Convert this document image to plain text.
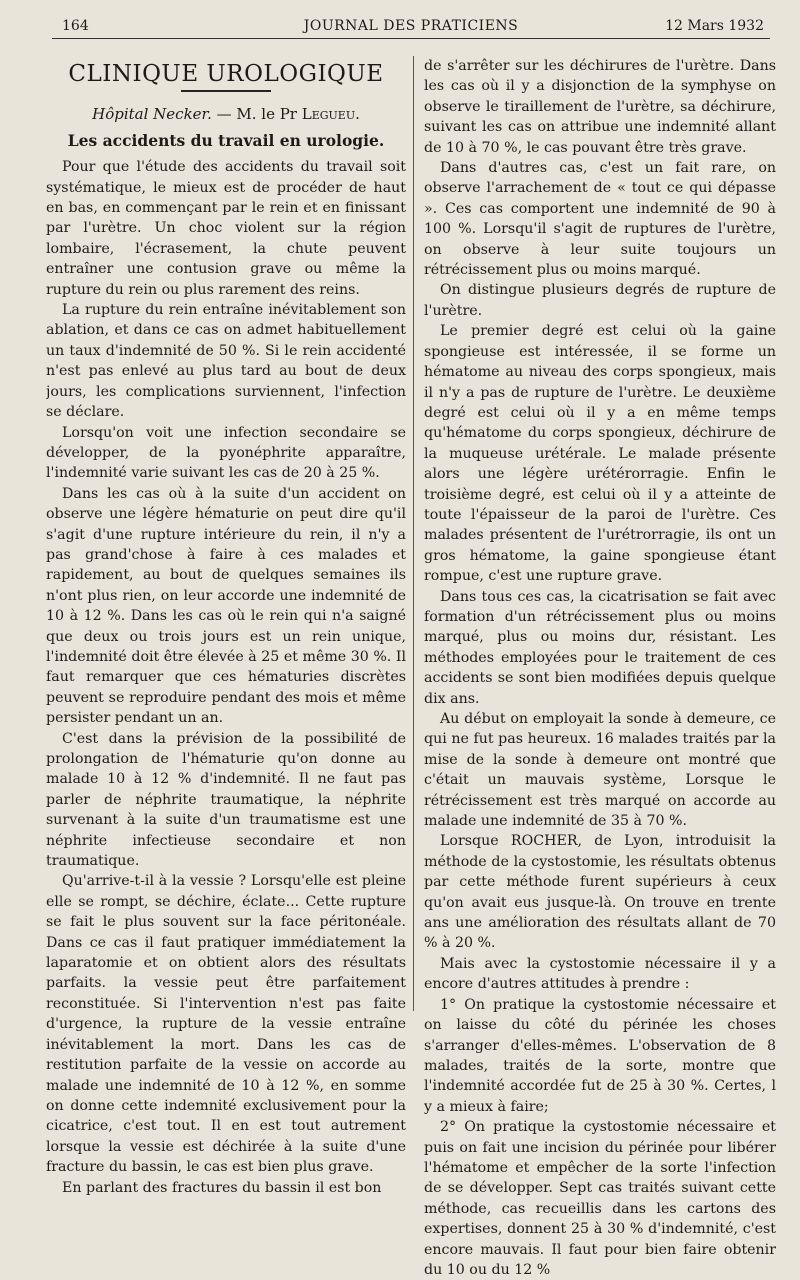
164	JOURNAL DES PRATICIENS	12 Mars 1932
CLINIQUE UROLOGIQUE
Hôpital Necker. — M. le Pr Legueu.
Les accidents du travail en urologie.

Pour que l'étude des accidents du travail soit systématique, le mieux est de procéder de haut en bas, en commençant par le rein et en finissant par l'urètre. Un choc violent sur la région lombaire, l'écrasement, la chute peuvent entraîner une contusion grave ou même la rupture du rein ou plus rarement des reins.

La rupture du rein entraîne inévitablement son ablation, et dans ce cas on admet habituellement un taux d'indemnité de 50 %. Si le rein accidenté n'est pas enlevé au plus tard au bout de deux jours, les complications surviennent, l'infection se déclare.

Lorsqu'on voit une infection secondaire se développer, de la pyonéphrite apparaître, l'indemnité varie suivant les cas de 20 à 25 %.

Dans les cas où à la suite d'un accident on observe une légère hématurie on peut dire qu'il s'agit d'une rupture intérieure du rein, il n'y a pas grand'chose à faire à ces malades et rapidement, au bout de quelques semaines ils n'ont plus rien, on leur accorde une indemnité de 10 à 12 %. Dans les cas où le rein qui n'a saigné que deux ou trois jours est un rein unique, l'indemnité doit être élevée à 25 et même 30 %. Il faut remarquer que ces hématuries discrètes peuvent se reproduire pendant des mois et même persister pendant un an.

C'est dans la prévision de la possibilité de prolongation de l'hématurie qu'on donne au malade 10 à 12 % d'indemnité. Il ne faut pas parler de néphrite traumatique, la néphrite survenant à la suite d'un traumatisme est une néphrite infectieuse secondaire et non traumatique.

Qu'arrive-t-il à la vessie ? Lorsqu'elle est pleine elle se rompt, se déchire, éclate... Cette rupture se fait le plus souvent sur la face péritonéale. Dans ce cas il faut pratiquer immédiatement la laparatomie et on obtient alors des résultats parfaits. la vessie peut être parfaitement reconstituée. Si l'intervention n'est pas faite d'urgence, la rupture de la vessie entraîne inévitablement la mort. Dans les cas de restitution parfaite de la vessie on accorde au malade une indemnité de 10 à 12 %, en somme on donne cette indemnité exclusivement pour la cicatrice, c'est tout. Il en est tout autrement lorsque la vessie est déchirée à la suite d'une fracture du bassin, le cas est bien plus grave.

En parlant des fractures du bassin il est bon

de s'arrêter sur les déchirures de l'urètre. Dans les cas où il y a disjonction de la symphyse on observe le tiraillement de l'urètre, sa déchirure, suivant les cas on attribue une indemnité allant de 10 à 70 %, le cas pouvant être très grave.

Dans d'autres cas, c'est un fait rare, on observe l'arrachement de « tout ce qui dépasse ». Ces cas comportent une indemnité de 90 à 100 %. Lorsqu'il s'agit de ruptures de l'urètre, on observe à leur suite toujours un rétrécissement plus ou moins marqué.

On distingue plusieurs degrés de rupture de l'urètre.

Le premier degré est celui où la gaine spongieuse est intéressée, il se forme un hématome au niveau des corps spongieux, mais il n'y a pas de rupture de l'urètre. Le deuxième degré est celui où il y a en même temps qu'hématome du corps spongieux, déchirure de la muqueuse urétérale. Le malade présente alors une légère urétérorragie. Enfin le troisième degré, est celui où il y a atteinte de toute l'épaisseur de la paroi de l'urètre. Ces malades présentent de l'urétrorragie, ils ont un gros hématome, la gaine spongieuse étant rompue, c'est une rupture grave.

Dans tous ces cas, la cicatrisation se fait avec formation d'un rétrécissement plus ou moins marqué, plus ou moins dur, résistant. Les méthodes employées pour le traitement de ces accidents se sont bien modifiées depuis quelque dix ans.

Au début on employait la sonde à demeure, ce qui ne fut pas heureux. 16 malades traités par la mise de la sonde à demeure ont montré que c'était un mauvais système, Lorsque le rétrécissement est très marqué on accorde au malade une indemnité de 35 à 70 %.

Lorsque ROCHER, de Lyon, introduisit la méthode de la cystostomie, les résultats obtenus par cette méthode furent supérieurs à ceux qu'on avait eus jusque-là. On trouve en trente ans une amélioration des résultats allant de 70 % à 20 %.

Mais avec la cystostomie nécessaire il y a encore d'autres attitudes à prendre :

1° On pratique la cystostomie nécessaire et on laisse du côté du périnée les choses s'arranger d'elles-mêmes. L'observation de 8 malades, traités de la sorte, montre que l'indemnité accordée fut de 25 à 30 %. Certes, l y a mieux à faire;

2° On pratique la cystostomie nécessaire et puis on fait une incision du périnée pour libérer l'hématome et empêcher de la sorte l'infection de se développer. Sept cas traités suivant cette méthode, cas recueillis dans les cartons des expertises, donnent 25 à 30 % d'indemnité, c'est encore mauvais. Il faut pour bien faire obtenir du 10 ou du 12 %
